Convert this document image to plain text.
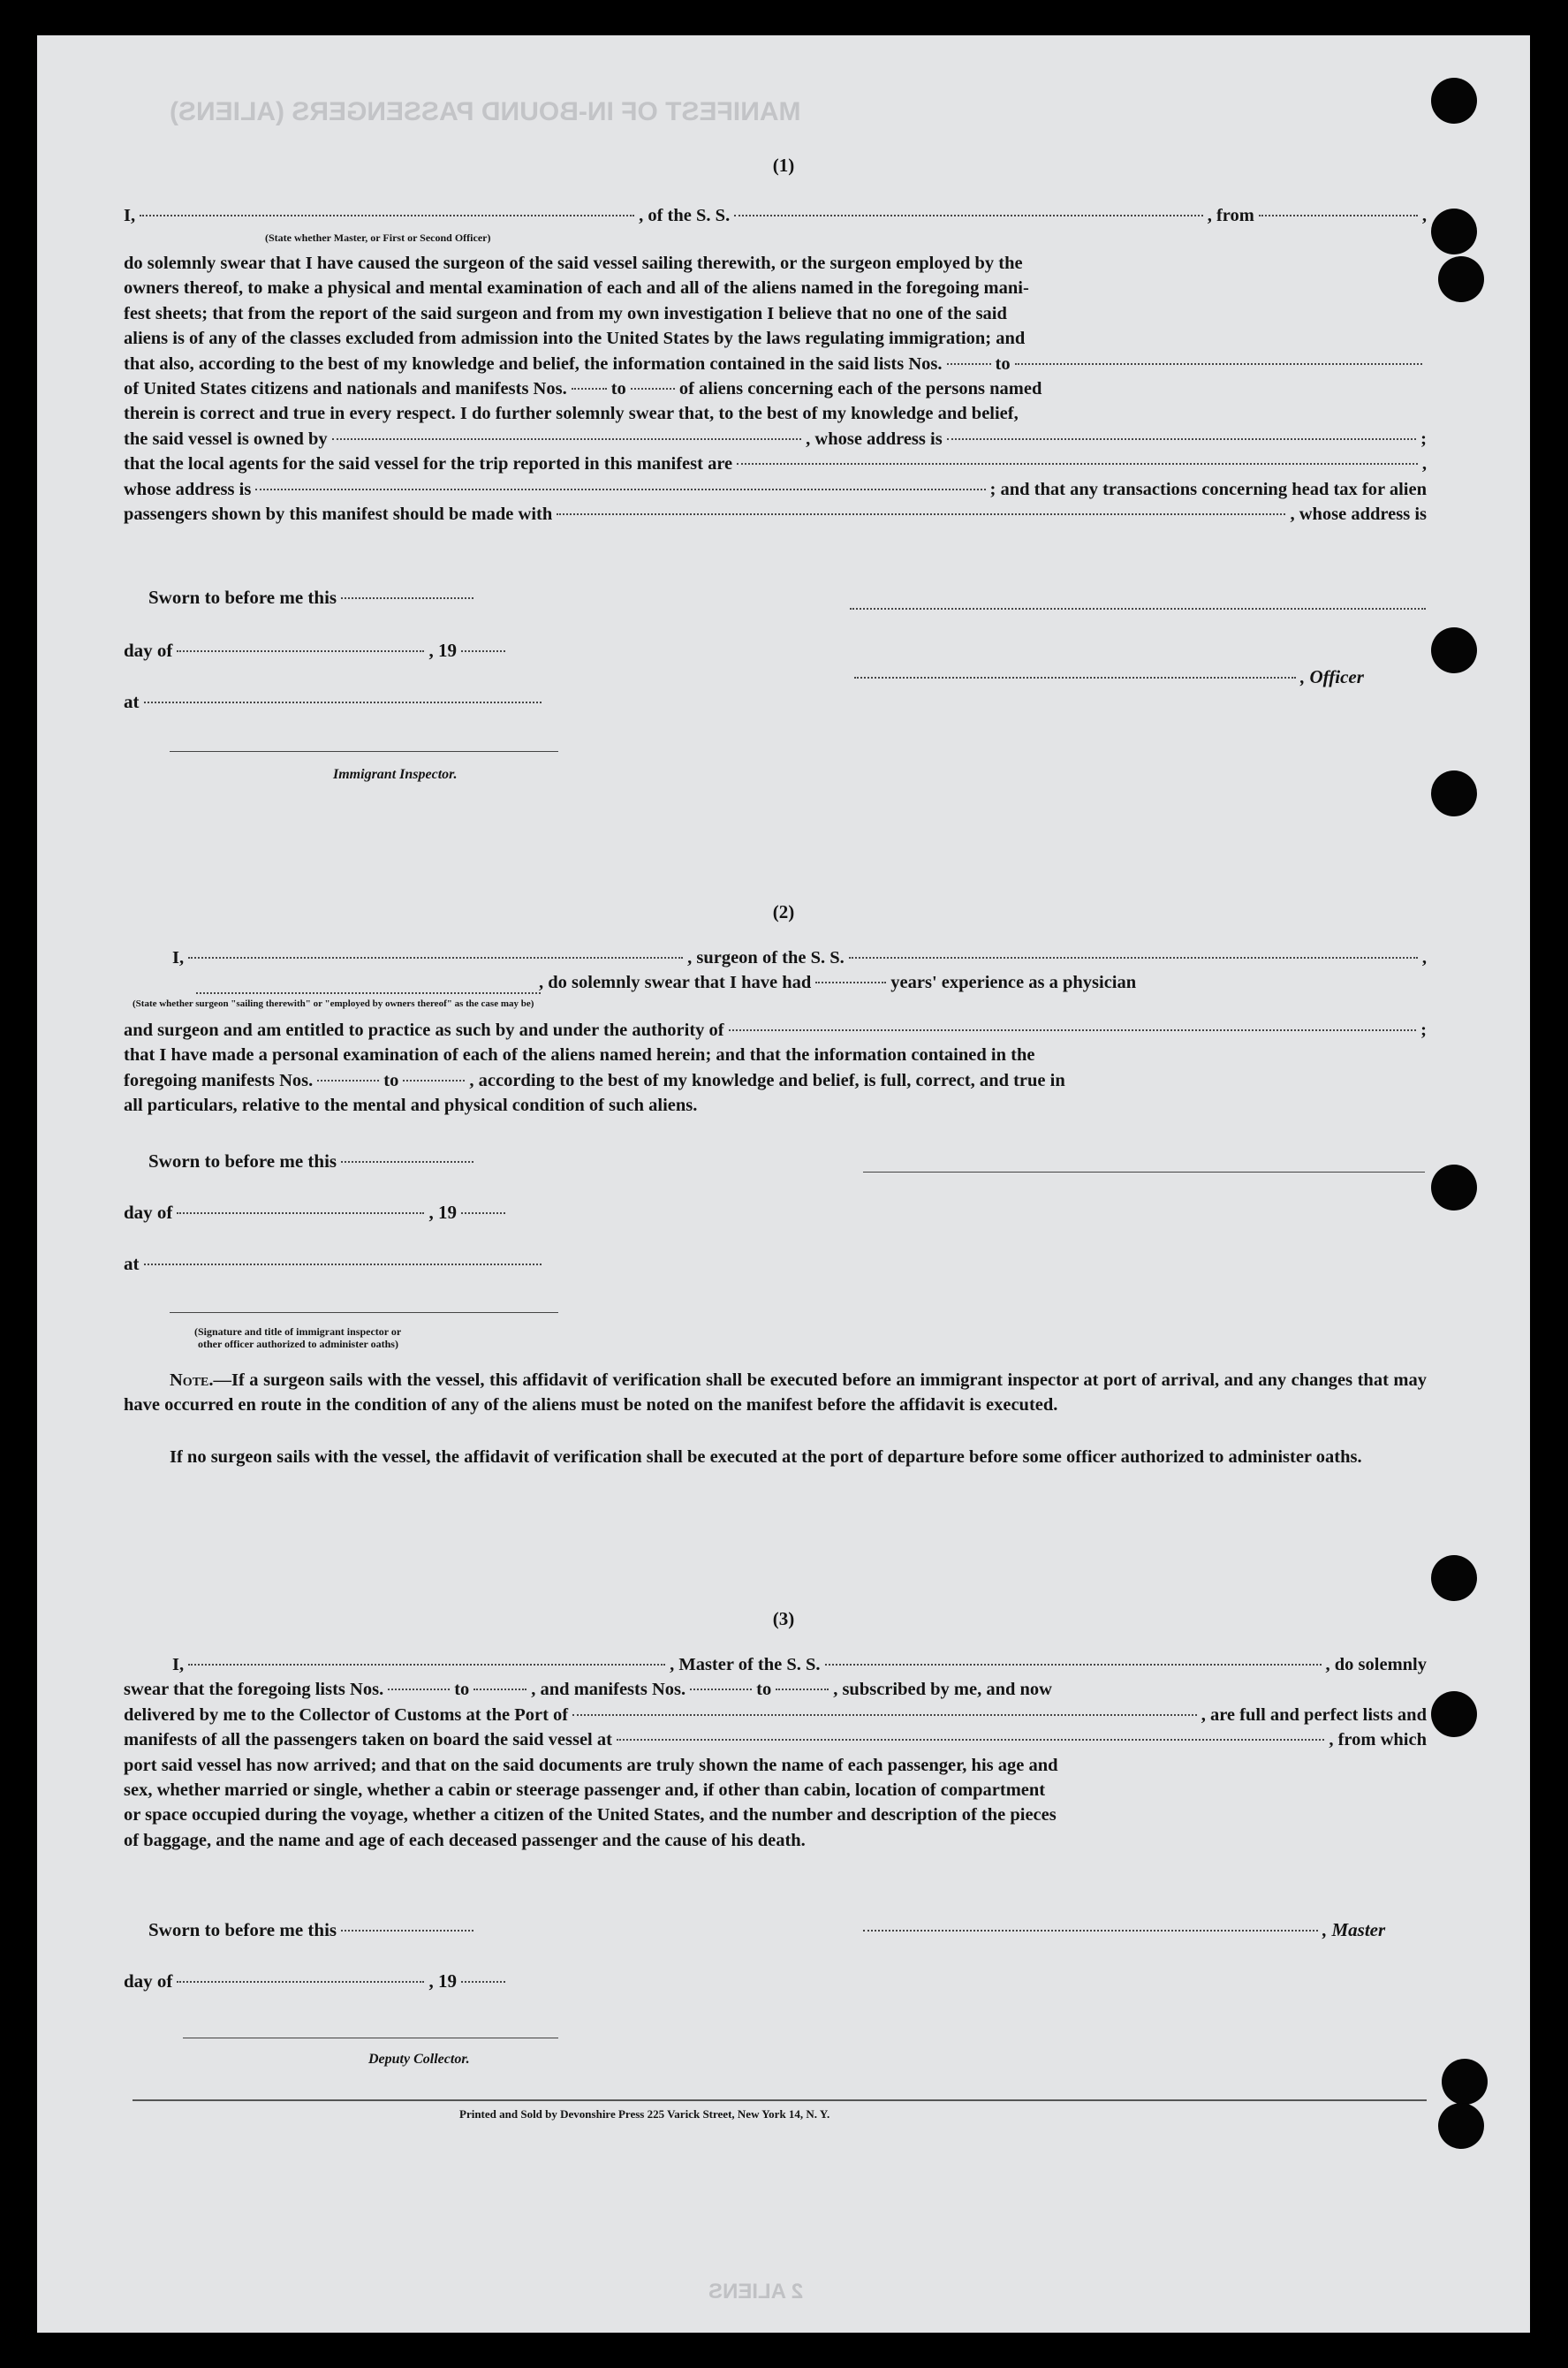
MANIFEST OF IN-BOUND PASSENGERS (ALIENS)
2 ALIENS
(1)
I,	, of the S. S.	, from	,
(State whether Master, or First or Second Officer)
do solemnly swear that I have caused the surgeon of the said vessel sailing therewith, or the surgeon employed by the
owners thereof, to make a physical and mental examination of each and all of the aliens named in the foregoing mani-
fest sheets; that from the report of the said surgeon and from my own investigation I believe that no one of the said
aliens is of any of the classes excluded from admission into the United States by the laws regulating immigration; and
that also, according to the best of my knowledge and belief, the information contained in the said lists Nos.	to
of United States citizens and nationals and manifests Nos. to	of aliens concerning each of the persons named
therein is correct and true in every respect. I do further solemnly swear that, to the best of my knowledge and belief,
the said vessel is owned by	, whose address is	;
that the local agents for the said vessel for the trip reported in this manifest are	,
whose address is	; and that any transactions concerning head tax for alien
passengers shown by this manifest should be made with	, whose address is
Sworn to before me this
day of	, 19
at
, Officer
Immigrant Inspector.
(2)
I,	, surgeon of the S. S.	,
, do solemnly swear that I have had	years' experience as a physician
(State whether surgeon "sailing therewith" or "employed by owners thereof" as the case may be)
and surgeon and am entitled to practice as such by and under the authority of	;
that I have made a personal examination of each of the aliens named herein; and that the information contained in the
foregoing manifests Nos.	to	, according to the best of my knowledge and belief, is full, correct, and true in
all particulars, relative to the mental and physical condition of such aliens.
Sworn to before me this
day of	, 19
at
(Signature and title of immigrant inspector or
other officer authorized to administer oaths)
Note.—If a surgeon sails with the vessel, this affidavit of verification shall be executed before an immigrant inspector at port of arrival, and any changes that may have occurred en route in the condition of any of the aliens must be noted on the manifest before the affidavit is executed.
If no surgeon sails with the vessel, the affidavit of verification shall be executed at the port of departure before some officer authorized to administer oaths.
(3)
I,	, Master of the S. S.	, do solemnly
swear that the foregoing lists Nos.	to	, and manifests Nos.	to	, subscribed by me, and now
delivered by me to the Collector of Customs at the Port of	, are full and perfect lists and
manifests of all the passengers taken on board the said vessel at	, from which
port said vessel has now arrived; and that on the said documents are truly shown the name of each passenger, his age and
sex, whether married or single, whether a cabin or steerage passenger and, if other than cabin, location of compartment
or space occupied during the voyage, whether a citizen of the United States, and the number and description of the pieces
of baggage, and the name and age of each deceased passenger and the cause of his death.
Sworn to before me this	, Master
day of	, 19
Deputy Collector.
Printed and Sold by Devonshire Press 225 Varick Street, New York 14, N. Y.
